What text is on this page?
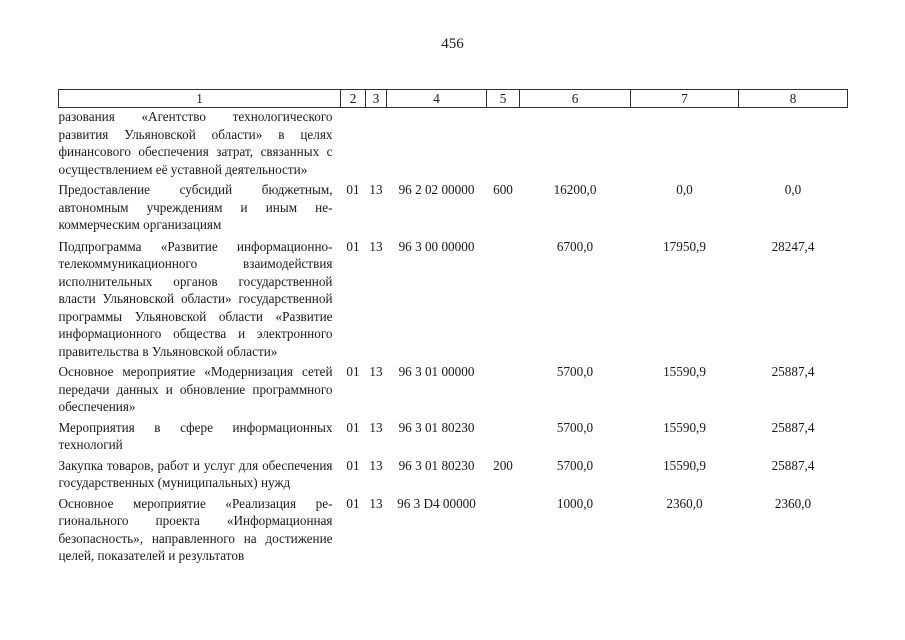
456
1	2	3	4	5	6	7	8
разования «Агентство технологического развития Ульяновской области» в целях финансового обеспечения затрат, связанных с осуществлением её уставной деятельности»							
Предоставление субсидий бюджетным, автономным учреждениям и иным некоммерческим организациям	01	13	96 2 02 00000	600	16200,0	0,0	0,0
Подпрограмма «Развитие информационно-телекоммуникационного взаимодействия исполнительных органов государственной власти Ульяновской области» государственной программы Ульяновской области «Развитие информационного общества и электронного правительства в Ульяновской области»	01	13	96 3 00 00000		6700,0	17950,9	28247,4
Основное мероприятие «Модернизация сетей передачи данных и обновление программного обеспечения»	01	13	96 3 01 00000		5700,0	15590,9	25887,4
Мероприятия в сфере информационных технологий	01	13	96 3 01 80230		5700,0	15590,9	25887,4
Закупка товаров, работ и услуг для обеспечения государственных (муниципальных) нужд	01	13	96 3 01 80230	200	5700,0	15590,9	25887,4
Основное мероприятие «Реализация регионального проекта «Информационная безопасность», направленного на достижение целей, показателей и результатов	01	13	96 3 D4 00000		1000,0	2360,0	2360,0
